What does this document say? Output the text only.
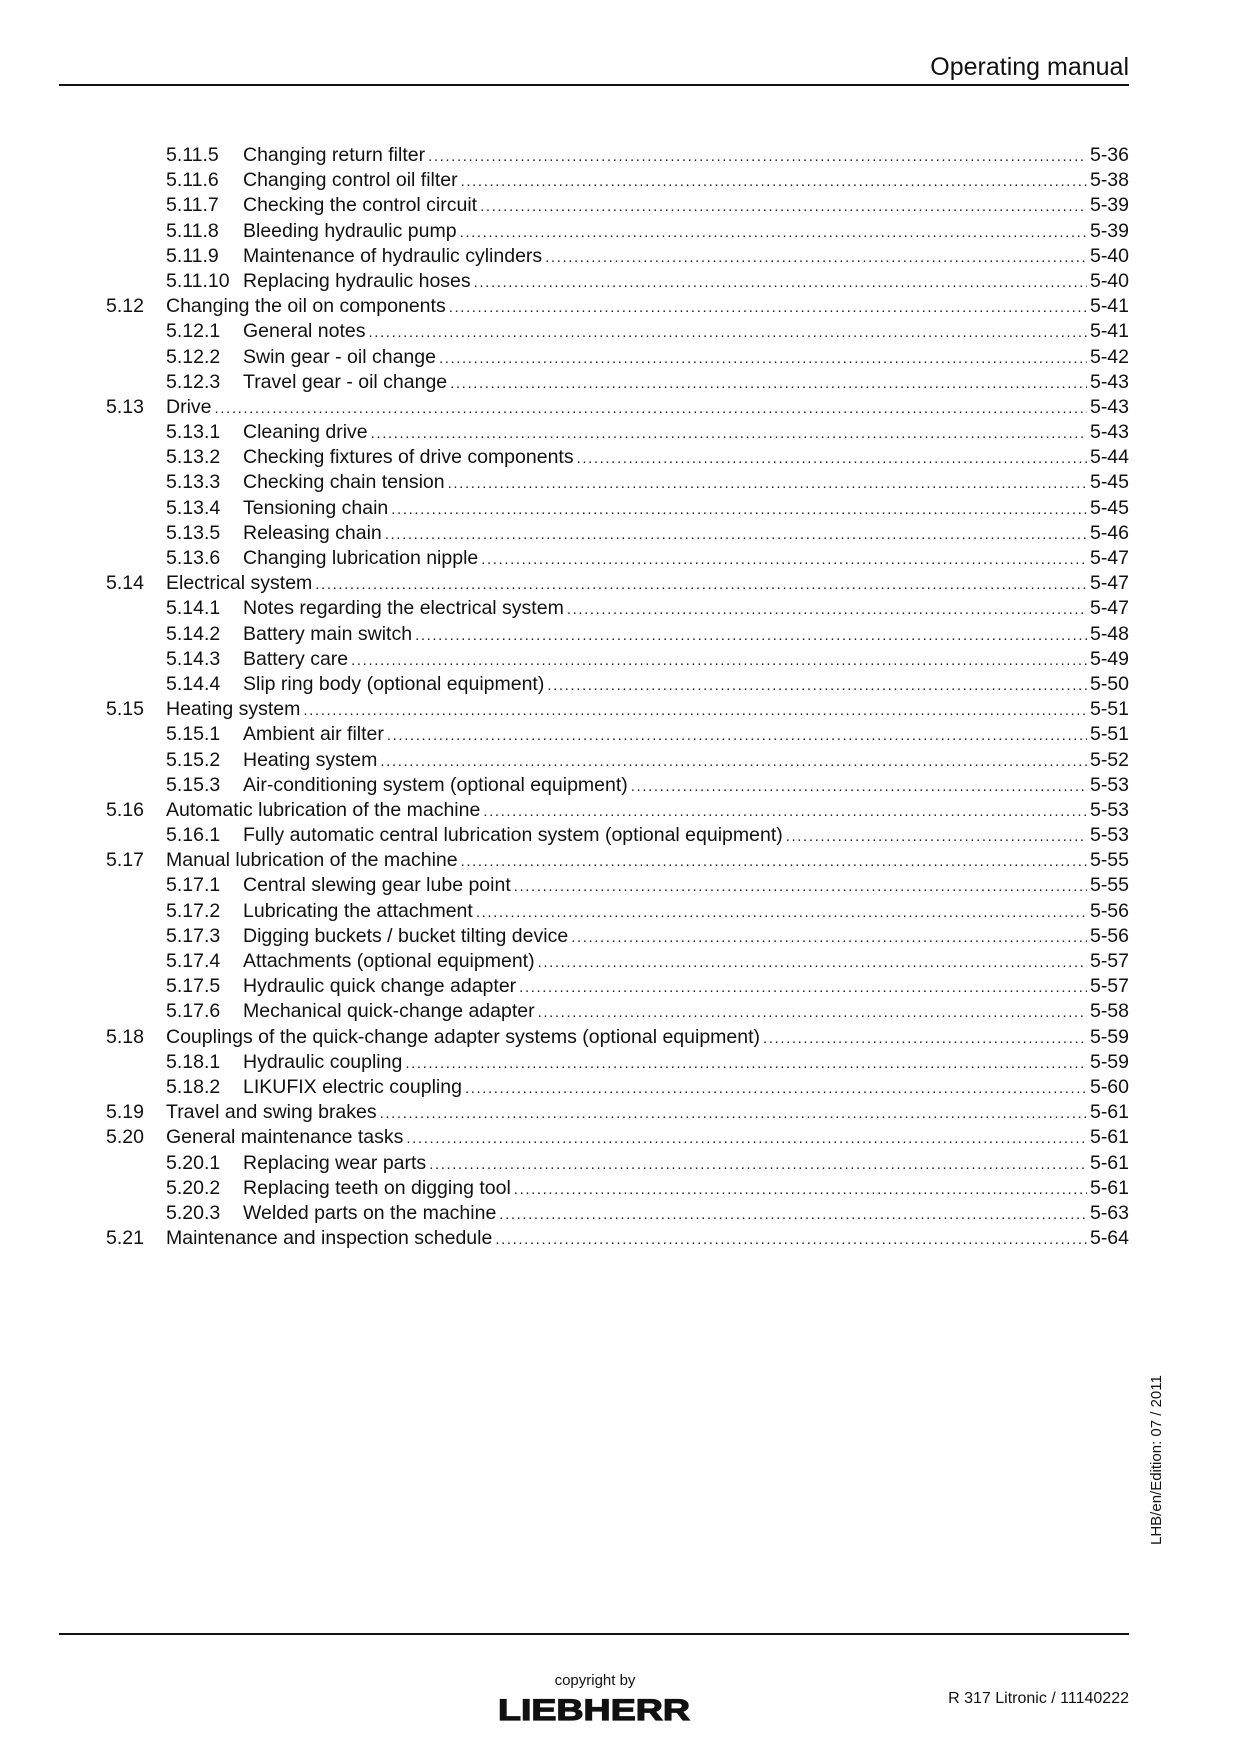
Operating manual
5.11.5 Changing return filter .....	5-36
5.11.6 Changing control oil filter .....	5-38
5.11.7 Checking the control circuit .....	5-39
5.11.8 Bleeding hydraulic pump .....	5-39
5.11.9 Maintenance of hydraulic cylinders .....	5-40
5.11.10 Replacing hydraulic hoses .....	5-40
5.12 Changing the oil on components .....	5-41
5.12.1 General notes .....	5-41
5.12.2 Swin gear - oil change .....	5-42
5.12.3 Travel gear - oil change .....	5-43
5.13 Drive .....	5-43
5.13.1 Cleaning drive .....	5-43
5.13.2 Checking fixtures of drive components .....	5-44
5.13.3 Checking chain tension .....	5-45
5.13.4 Tensioning chain .....	5-45
5.13.5 Releasing chain .....	5-46
5.13.6 Changing lubrication nipple .....	5-47
5.14 Electrical system .....	5-47
5.14.1 Notes regarding the electrical system .....	5-47
5.14.2 Battery main switch .....	5-48
5.14.3 Battery care .....	5-49
5.14.4 Slip ring body (optional equipment) .....	5-50
5.15 Heating system .....	5-51
5.15.1 Ambient air filter .....	5-51
5.15.2 Heating system .....	5-52
5.15.3 Air-conditioning system (optional equipment) .....	5-53
5.16 Automatic lubrication of the machine .....	5-53
5.16.1 Fully automatic central lubrication system (optional equipment) .....	5-53
5.17 Manual lubrication of the machine .....	5-55
5.17.1 Central slewing gear lube point .....	5-55
5.17.2 Lubricating the attachment .....	5-56
5.17.3 Digging buckets / bucket tilting device .....	5-56
5.17.4 Attachments (optional equipment) .....	5-57
5.17.5 Hydraulic quick change adapter .....	5-57
5.17.6 Mechanical quick-change adapter .....	5-58
5.18 Couplings of the quick-change adapter systems (optional equipment) .....	5-59
5.18.1 Hydraulic coupling .....	5-59
5.18.2 LIKUFIX electric coupling .....	5-60
5.19 Travel and swing brakes .....	5-61
5.20 General maintenance tasks .....	5-61
5.20.1 Replacing wear parts .....	5-61
5.20.2 Replacing teeth on digging tool .....	5-61
5.20.3 Welded parts on the machine .....	5-63
5.21 Maintenance and inspection schedule .....	5-64
LHB/en/Edition: 07 / 2011
copyright by
LIEBHERR	R 317 Litronic / 11140222
